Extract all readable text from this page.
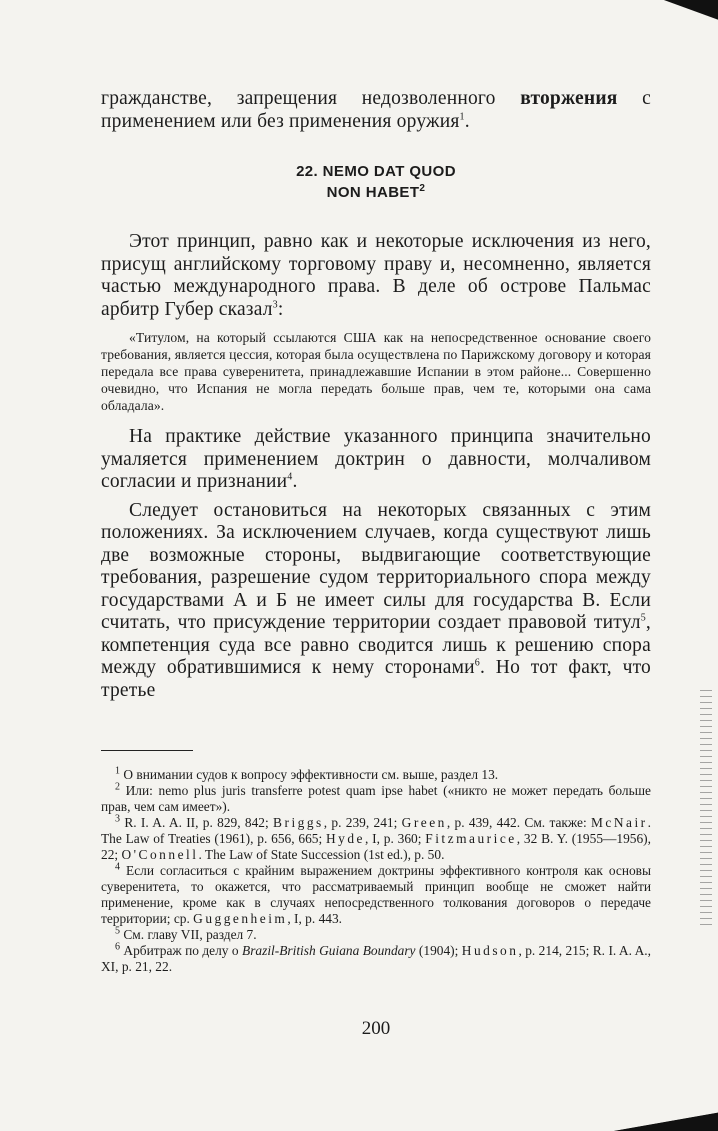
гражданстве, запрещения недозволенного вторжения с применением или без применения оружия$^1$.

22. NEMO DAT QUOD
NON HABET$^2$

Этот принцип, равно как и некоторые исключения из него, присущ английскому торговому праву и, несомненно, является частью международного права. В деле об острове Пальмас арбитр Губер сказал$^3$:

«Титулом, на который ссылаются США как на непосредственное основание своего требования, является цессия, которая была осуществлена по Парижскому договору и которая передала все права суверенитета, принадлежавшие Испании в этом районе... Совершенно очевидно, что Испания не могла передать больше прав, чем те, которыми она сама обладала».

На практике действие указанного принципа значительно умаляется применением доктрин о давности, молчаливом согласии и признании$^4$.

Следует остановиться на некоторых связанных с этим положениях. За исключением случаев, когда существуют лишь две возможные стороны, выдвигающие соответствующие требования, разрешение судом территориального спора между государствами А и Б не имеет силы для государства В. Если считать, что присуждение территории создает правовой титул$^5$, компетенция суда все равно сводится лишь к решению спора между обратившимися к нему сторонами$^6$. Но тот факт, что третье

$^1$ О внимании судов к вопросу эффективности см. выше, раздел 13.

$^2$ Или: nemo plus juris transferre potest quam ipse habet («никто не может передать больше прав, чем сам имеет»).

$^3$ R. I. A. A. II, p. 829, 842; Briggs, p. 239, 241; Green, p. 439, 442. См. также: McNair. The Law of Treaties (1961), p. 656, 665; Hyde, I, p. 360; Fitzmaurice, 32 B. Y. (1955—1956), 22; O'Connell. The Law of State Succession (1st ed.), p. 50.

$^4$ Если согласиться с крайним выражением доктрины эффективного контроля как основы суверенитета, то окажется, что рассматриваемый принцип вообще не сможет найти применение, кроме как в случаях непосредственного толкования договоров о передаче территории; ср. Guggenheim, I, p. 443.

$^5$ См. главу VII, раздел 7.

$^6$ Арбитраж по делу о Brazil-British Guiana Boundary (1904); Hudson, p. 214, 215; R. I. A. A., XI, p. 21, 22.

200
